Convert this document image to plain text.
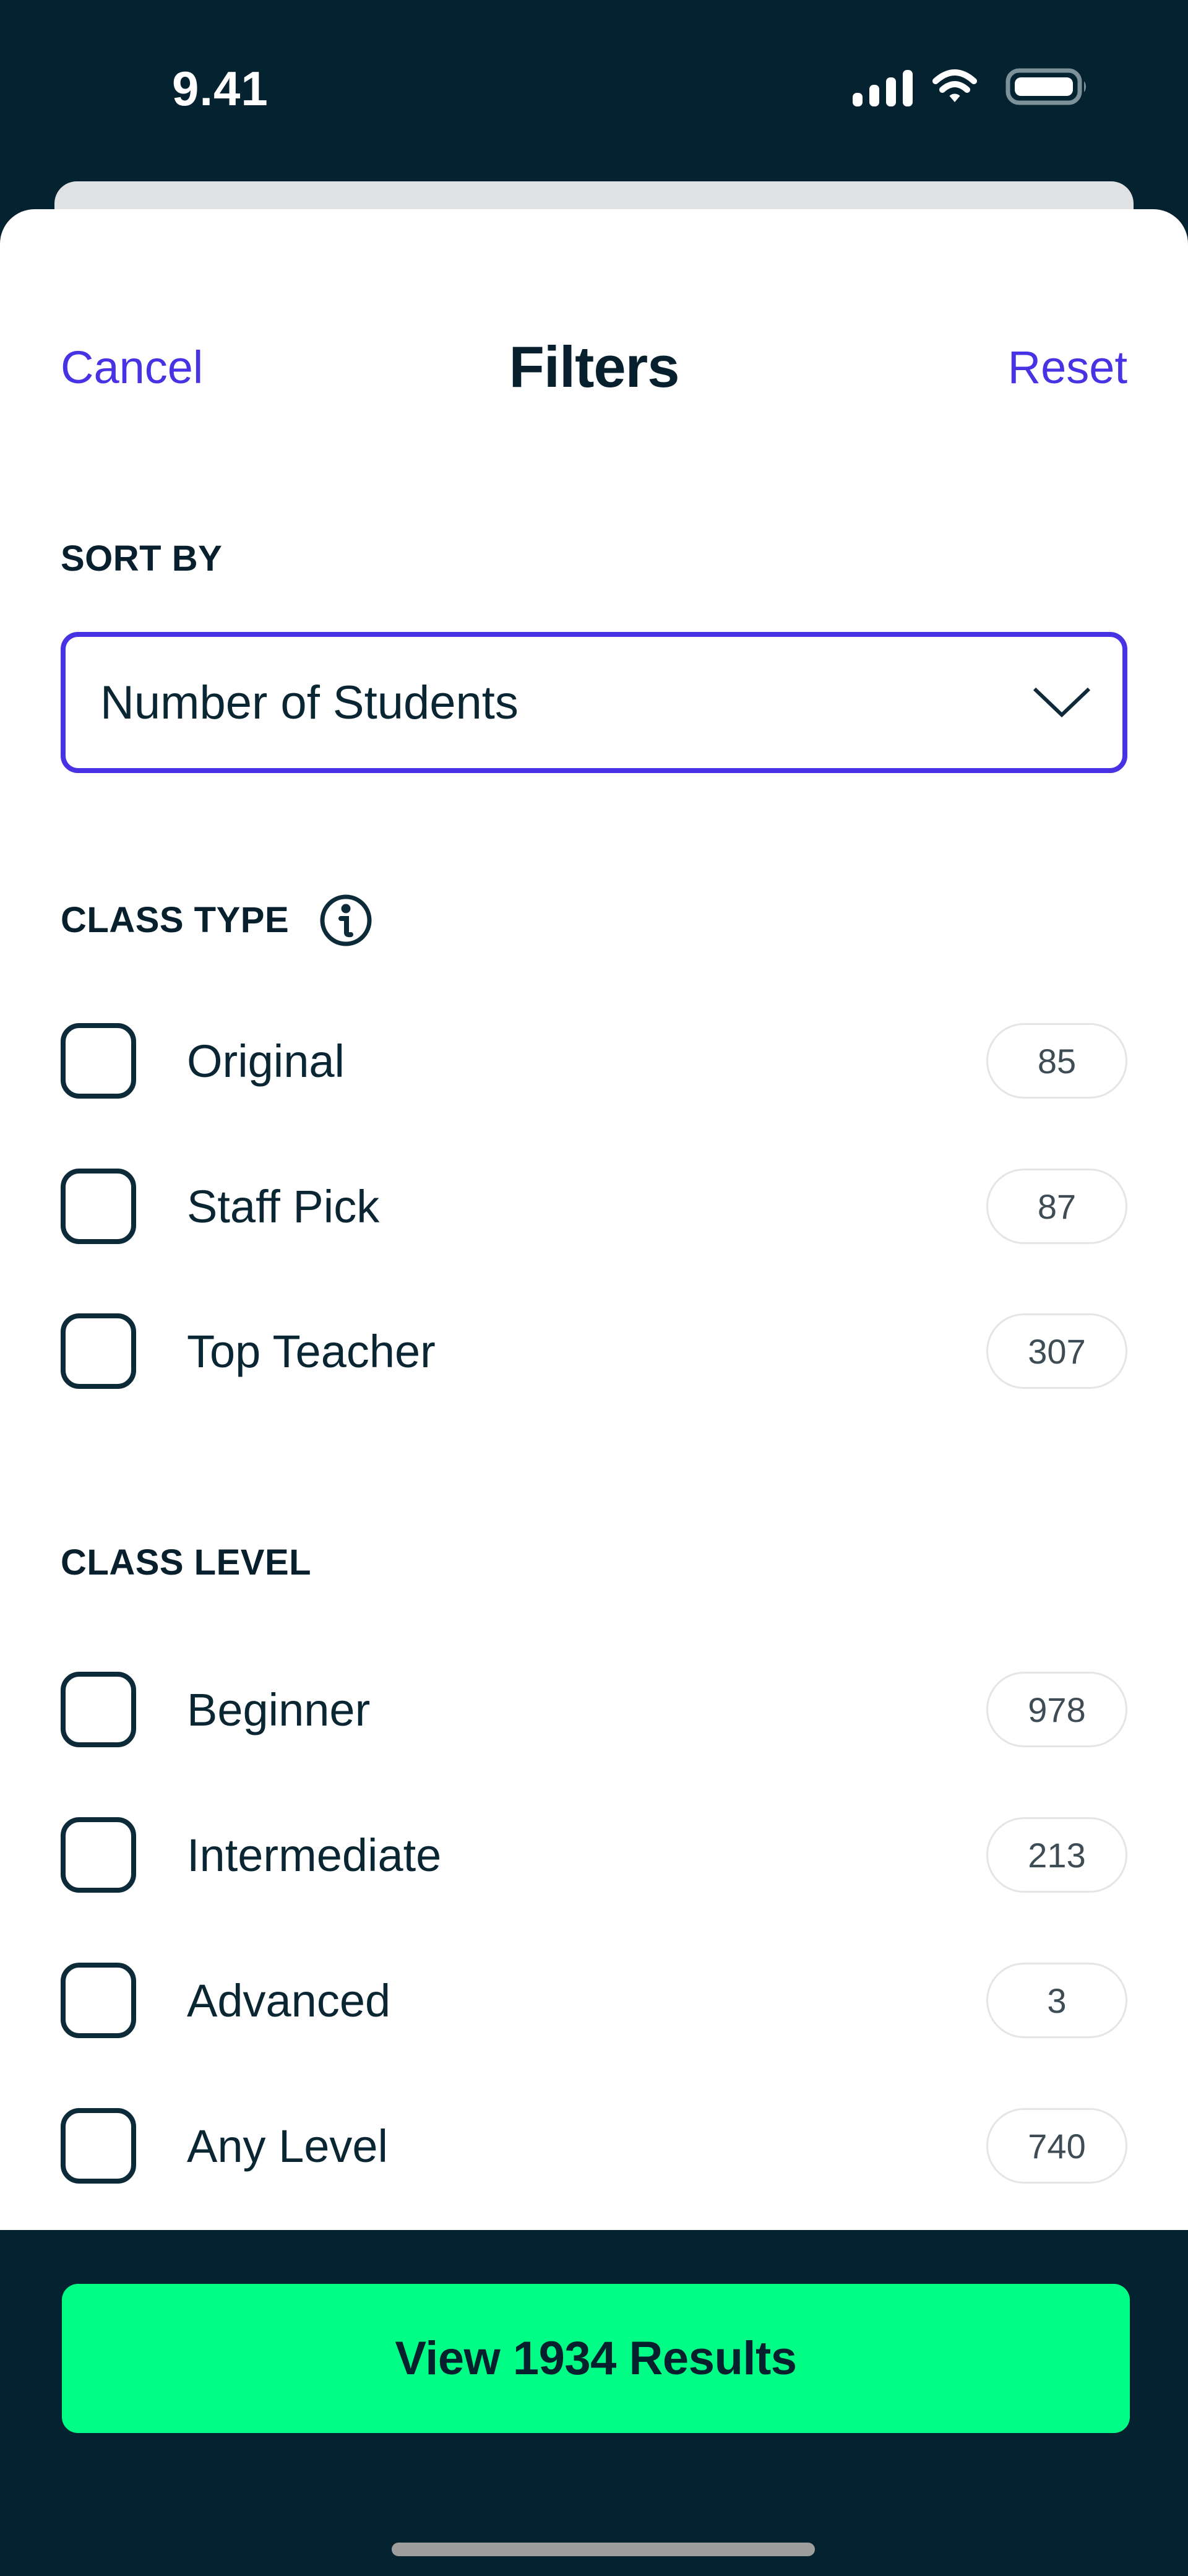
9.41
Filters
Cancel	Reset
SORT BY
Number of Students
CLASS TYPE
Original	85
Staff Pick	87
Top Teacher	307
CLASS LEVEL
Beginner	978
Intermediate	213
Advanced	3
Any Level	740
View 1934 Results
